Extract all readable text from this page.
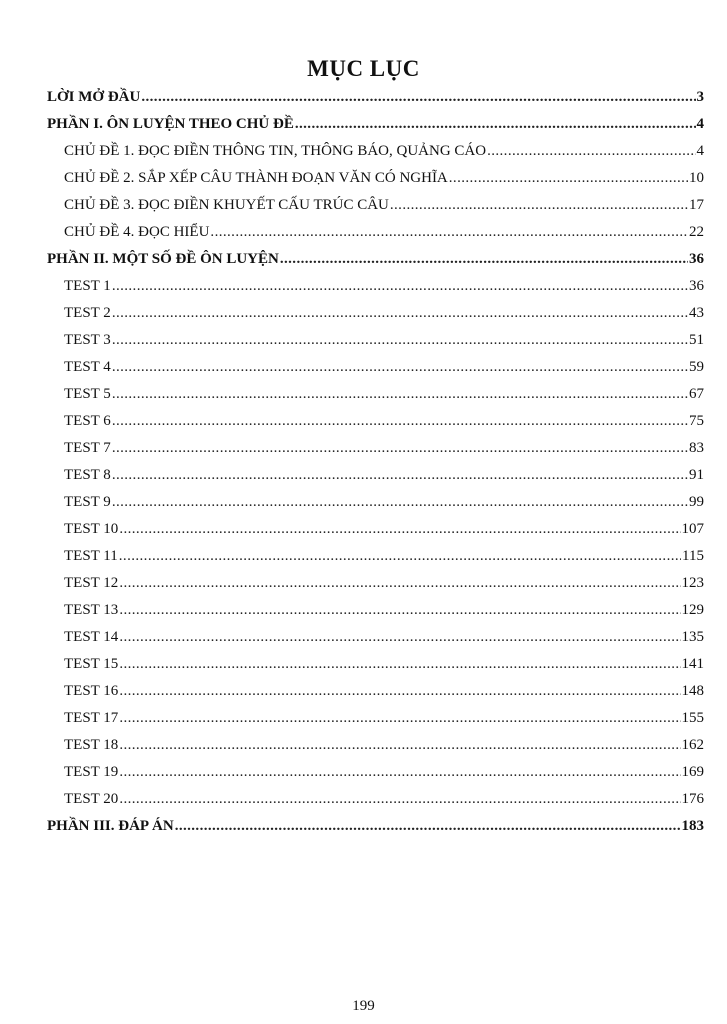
MỤC LỤC
LỜI MỞ ĐẦU .....	3
PHẦN I. ÔN LUYỆN THEO CHỦ ĐỀ .....	4
CHỦ ĐỀ 1. ĐỌC ĐIỀN THÔNG TIN, THÔNG BÁO, QUẢNG CÁO .....	4
CHỦ ĐỀ 2. SẮP XẾP CÂU THÀNH ĐOẠN VĂN CÓ NGHĨA .....	10
CHỦ ĐỀ 3. ĐỌC ĐIỀN KHUYẾT CẤU TRÚC CÂU .....	17
CHỦ ĐỀ 4. ĐỌC HIỂU .....	22
PHẦN II. MỘT SỐ ĐỀ ÔN LUYỆN .....	36
TEST 1 .....	36
TEST 2 .....	43
TEST 3 .....	51
TEST 4 .....	59
TEST 5 .....	67
TEST 6 .....	75
TEST 7 .....	83
TEST 8 .....	91
TEST 9 .....	99
TEST 10 .....	107
TEST 11 .....	115
TEST 12 .....	123
TEST 13 .....	129
TEST 14 .....	135
TEST 15 .....	141
TEST 16 .....	148
TEST 17 .....	155
TEST 18 .....	162
TEST 19 .....	169
TEST 20 .....	176
PHẦN III. ĐÁP ÁN .....	183
199
